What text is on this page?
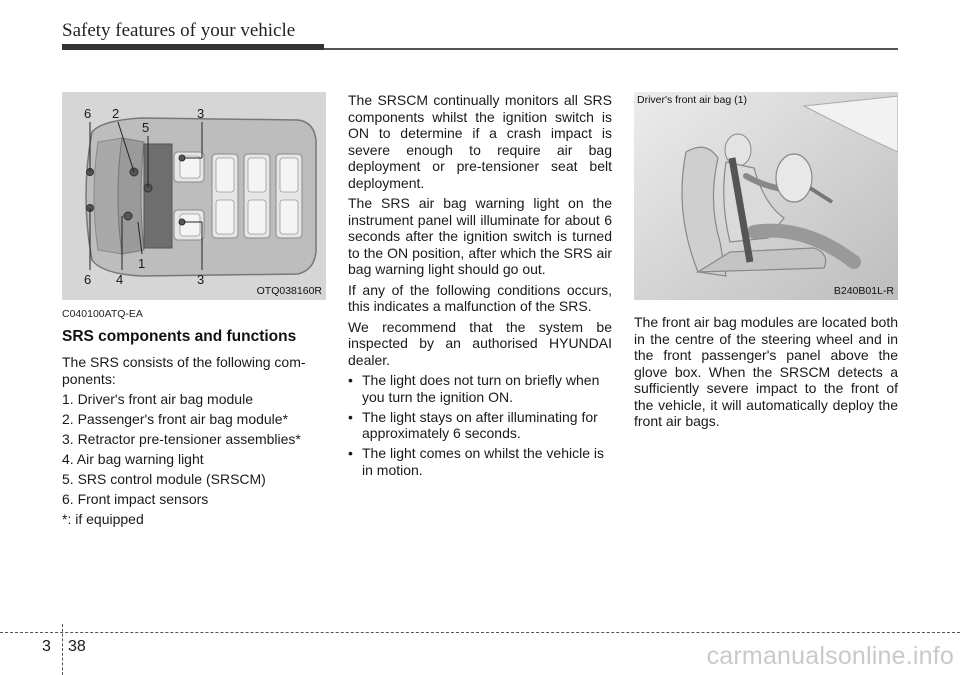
Safety features of your vehicle
6 2
5
3
6 4
1
3
OTQ038160R
C040100ATQ-EA
SRS components and functions

The SRS consists of the following com-ponents:

1. Driver's front air bag module
2. Passenger's front air bag module*
3. Retractor pre-tensioner assemblies*
4. Air bag warning light
5. SRS control module (SRSCM)
6. Front impact sensors
*: if equipped

The SRSCM continually monitors all SRS components whilst the ignition switch is ON to determine if a crash impact is severe enough to require air bag deployment or pre-tensioner seat belt deployment.

The SRS air bag warning light on the instrument panel will illuminate for about 6 seconds after the ignition switch is turned to the ON position, after which the SRS air bag warning light should go out.

If any of the following conditions occurs, this indicates a malfunction of the SRS.

We recommend that the system be inspected by an authorised HYUNDAI dealer.

• The light does not turn on briefly when you turn the ignition ON.
• The light stays on after illuminating for approximately 6 seconds.
• The light comes on whilst the vehicle is in motion.
Driver's front air bag (1)
B240B01L-R

The front air bag modules are located both in the centre of the steering wheel and in the front passenger's panel above the glove box. When the SRSCM detects a sufficiently severe impact to the front of the vehicle, it will automatically deploy the front air bags.

3 38	carmanualsonline.info
